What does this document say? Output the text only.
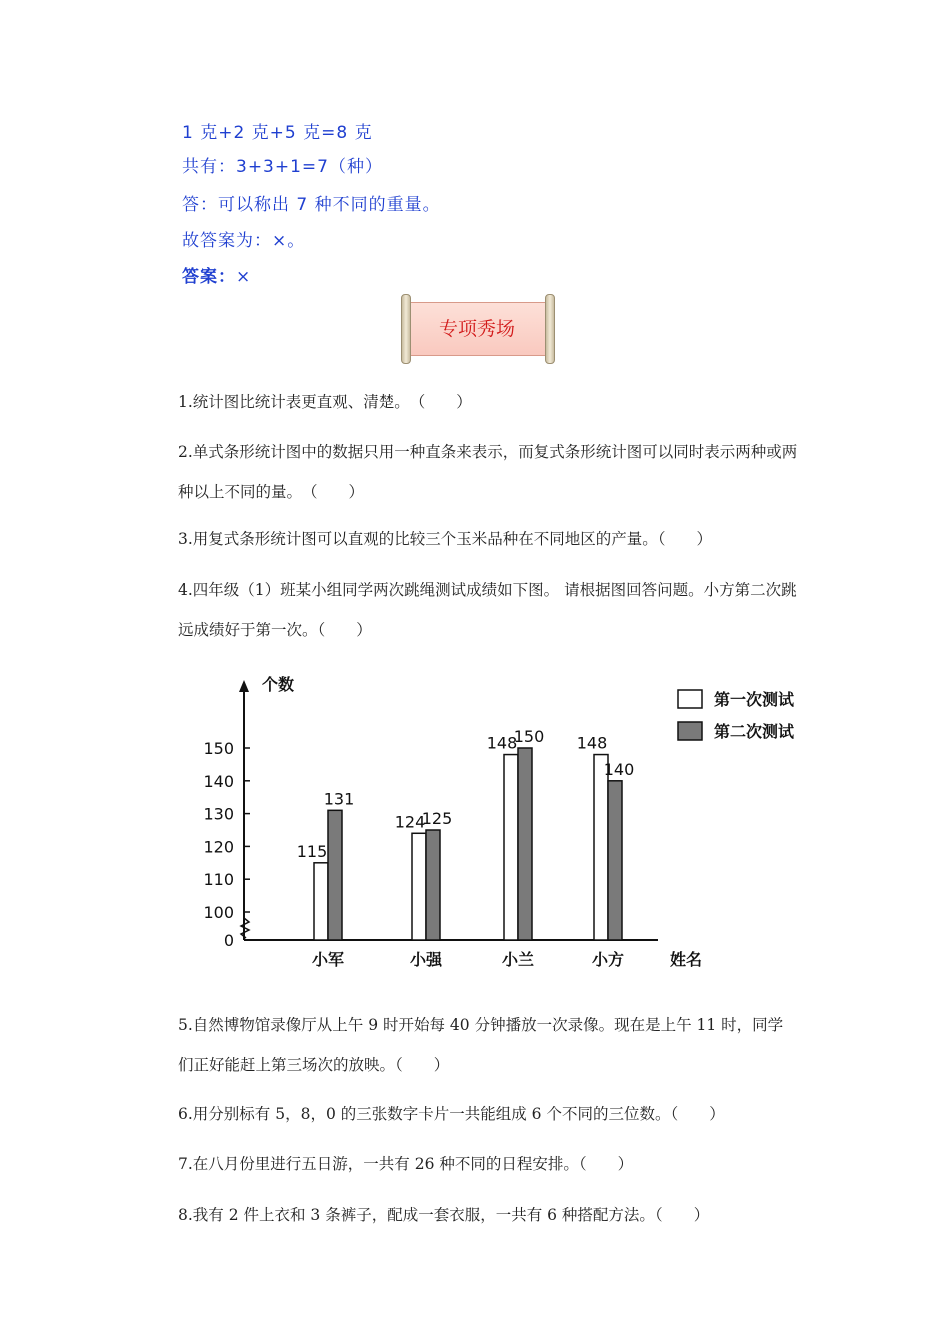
1 克+2 克+5 克=8 克
共有：3+3+1=7（种）
答：可以称出 7 种不同的重量。
故答案为：×。
答案：×
专项秀场
1.统计图比统计表更直观、清楚。　（　　）
2.单式条形统计图中的数据只用一种直条来表示，而复式条形统计图可以同时表示两种或两种以上不同的量。　（　　）
3.用复式条形统计图可以直观的比较三个玉米品种在不同地区的产量。（　　）
4.四年级（1）班某小组同学两次跳绳测试成绩如下图。 请根据图回答问题。小方第二次跳远成绩好于第一次。（　　）
个数
姓名
0
100
110
120
130
140
150
115
131
小军
124
125
小强
148
150
小兰
148
140
小方
第一次测试
第二次测试
5.自然博物馆录像厅从上午 9 时开始每 40 分钟播放一次录像。现在是上午 11 时，同学们正好能赶上第三场次的放映。（　　）
6.用分别标有 5，8，0 的三张数字卡片一共能组成 6 个不同的三位数。（　　）
7.在八月份里进行五日游，一共有 26 种不同的日程安排。（　　）
8.我有 2 件上衣和 3 条裤子，配成一套衣服，一共有 6 种搭配方法。（　　）
